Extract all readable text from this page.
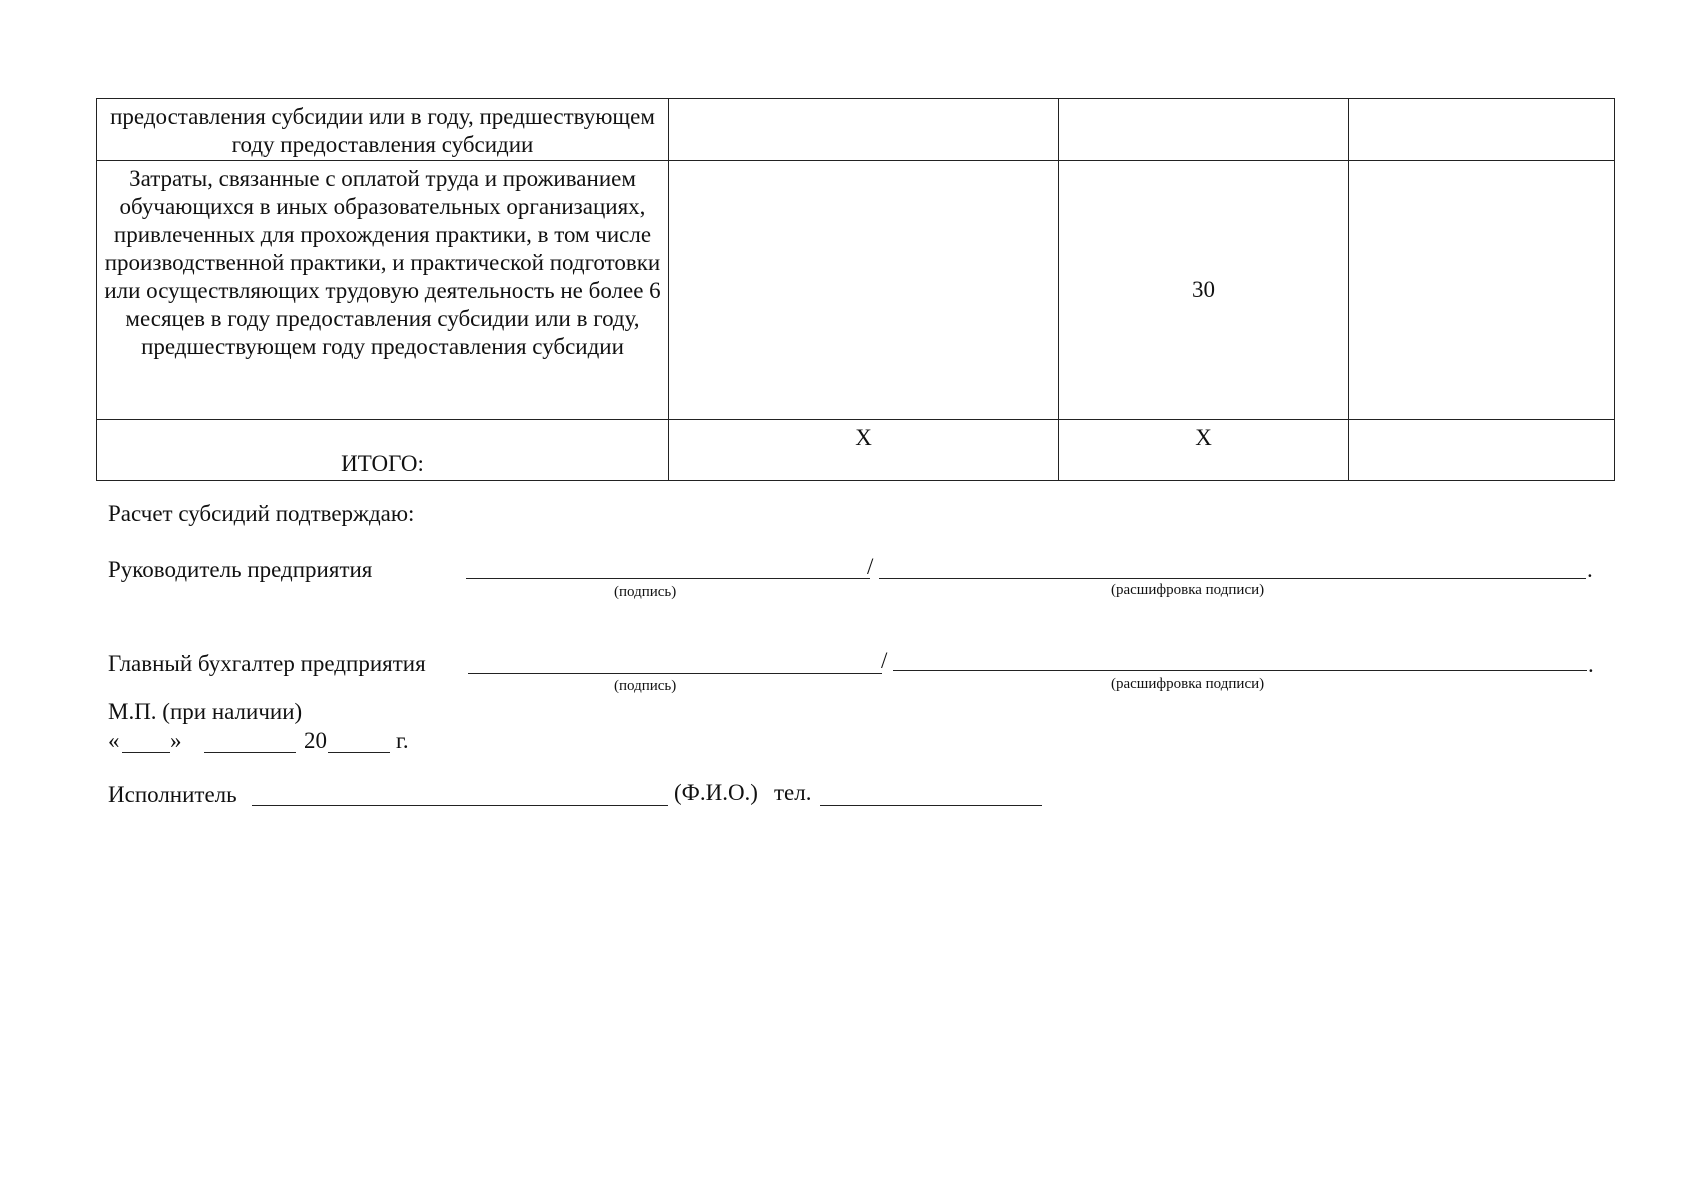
предоставления субсидии или в году, предшествующем году предоставления субсидии			
Затраты, связанные с оплатой труда и проживанием обучающихся в иных образовательных организациях, привлеченных для прохождения практики, в том числе производственной практики, и практической подготовки или осуществляющих трудовую деятельность не более 6 месяцев в году предоставления субсидии или в году, предшествующем году предоставления субсидии		30	
ИТОГО:	Х	Х	
Расчет субсидий подтверждаю:
Руководитель предприятия	/	.
(подпись)	(расшифровка подписи)
Главный бухгалтер предприятия	/	.
(подпись)	(расшифровка подписи)
М.П. (при наличии)
« »	20	г.
Исполнитель	(Ф.И.О.) тел.
